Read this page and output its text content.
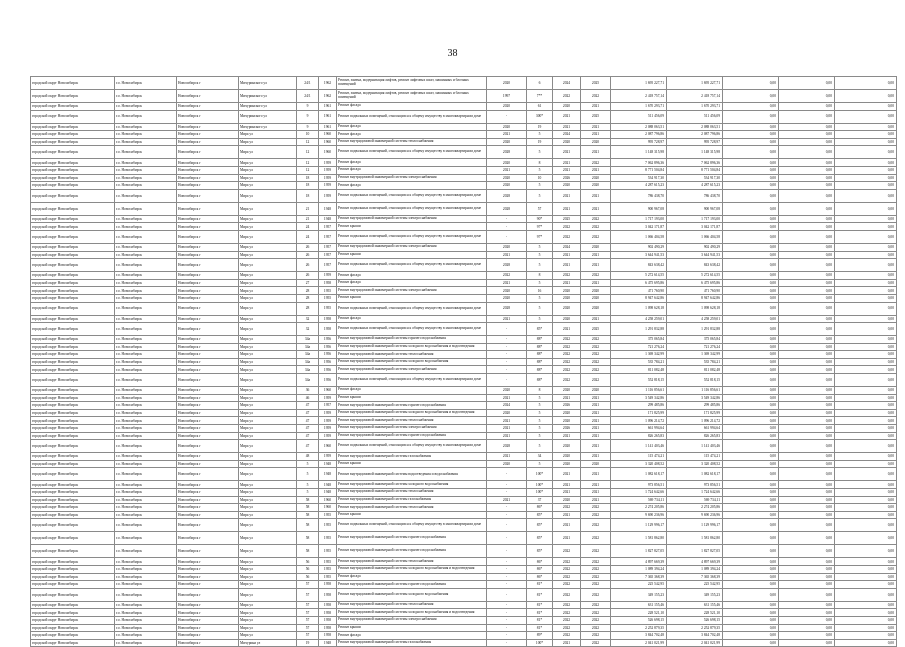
38
городской округ Новосибирск	г.о. Новосибирск	Новосибирск г	Мичуринского ул	24/1	1962	Ремонт, замена, модернизация лифтов, ремонт лифтовых шахт, машинных и блочных помещений	2020	6	2024	2025	1 695 227,71	1 695 227,71	0,00	0,00	0,00
городской округ Новосибирск	г.о. Новосибирск	Новосибирск г	Мичуринского ул	24/1	1962	Ремонт, замена, модернизация лифтов, ремонт лифтовых шахт, машинных и блочных помещений	1997	7**	2022	2022	2 418 757,14	2 418 757,14	0,00	0,00	0,00
городской округ Новосибирск	г.о. Новосибирск	Новосибирск г	Мичуринского ул	9	1961	Ремонт фасада	2020	61	2020	2021	1 670 293,71	1 670 293,71	0,00	0,00	0,00
городской округ Новосибирск	г.о. Новосибирск	Новосибирск г	Мичуринского ул	9	1961	Ремонт подвальных помещений, относящихся к общему имуществу в многоквартирном доме	-	300*	2021	2025	511 456,09	511 456,09	0,00	0,00	0,00
городской округ Новосибирск	г.о. Новосибирск	Новосибирск г	Мичуринского ул	9	1961	Ремонт фасада	2020	19	2021	2021	2 088 063,51	2 088 063,51	0,00	0,00	0,00
городской округ Новосибирск	г.о. Новосибирск	Новосибирск г	Мира ул	10	1960	Ремонт фасада	2021	5	2024	2021	2 087 796,86	2 087 796,86	0,00	0,00	0,00
городской округ Новосибирск	г.о. Новосибирск	Новосибирск г	Мира ул	12	1960	Ремонт внутридомовой инженерной системы теплоснабжения	2020	19	2020	2020	995 728,97	995 728,97	0,00	0,00	0,00
городской округ Новосибирск	г.о. Новосибирск	Новосибирск г	Мира ул	12	1960	Ремонт подвальных помещений, относящихся к общему имуществу в многоквартирном доме	2028	5	2021	2021	1 148 315,98	1 148 315,98	0,00	0,00	0,00
городской округ Новосибирск	г.о. Новосибирск	Новосибирск г	Мира ул	12	1959	Ремонт фасада	2020	8	2021	2022	7 062 896,36	7 062 896,36	0,00	0,00	0,00
городской округ Новосибирск	г.о. Новосибирск	Новосибирск г	Мира ул	12	1959	Ремонт фасада	2021	5	2021	2021	8 771 504,84	8 771 504,84	0,00	0,00	0,00
городской округ Новосибирск	г.о. Новосибирск	Новосибирск г	Мира ул	18	1959	Ремонт внутридомовой инженерной системы электроснабжения	2020	10	2026	2020	534 917,30	534 917,30	0,00	0,00	0,00
городской округ Новосибирск	г.о. Новосибирск	Новосибирск г	Мира ул	18	1959	Ремонт фасада	2020	5	2020	2020	4 287 615,23	4 287 615,23	0,00	0,00	0,00
городской округ Новосибирск	г.о. Новосибирск	Новосибирск г	Мира ул	18	1959	Ремонт подвальных помещений, относящихся к общему имуществу в многоквартирном доме	2028	5	2021	2021	786 438,70	786 438,70	0,00	0,00	0,00
городской округ Новосибирск	г.о. Новосибирск	Новосибирск г	Мира ул	21	1948	Ремонт подвальных помещений, относящихся к общему имуществу в многоквартирном доме	2028	57	2021	2021	900 967,08	900 967,08	0,00	0,00	0,00
городской округ Новосибирск	г.о. Новосибирск	Новосибирск г	Мира ул	21	1948	Ремонт внутридомовой инженерной системы электроснабжения	-	90*	2025	2022	1 717 193,00	1 717 193,00	0,00	0,00	0,00
городской округ Новосибирск	г.о. Новосибирск	Новосибирск г	Мира ул	24	1957	Ремонт крыши	-	97*	2022	2022	3 042 171,87	3 042 171,87	0,00	0,00	0,00
городской округ Новосибирск	г.о. Новосибирск	Новосибирск г	Мира ул	24	1957	Ремонт подвальных помещений, относящихся к общему имуществу в многоквартирном доме	-	97*	2022	2022	1 066 404,58	1 066 404,58	0,00	0,00	0,00
городской округ Новосибирск	г.о. Новосибирск	Новосибирск г	Мира ул	26	1957	Ремонт внутридомовой инженерной системы электроснабжения	2020	5	2024	2020	902 490,29	902 490,29	0,00	0,00	0,00
городской округ Новосибирск	г.о. Новосибирск	Новосибирск г	Мира ул	26	1957	Ремонт крыши	2021	5	2021	2021	3 644 941,53	3 644 941,53	0,00	0,00	0,00
городской округ Новосибирск	г.о. Новосибирск	Новосибирск г	Мира ул	26	1957	Ремонт подвальных помещений, относящихся к общему имуществу в многоквартирном доме	2028	5	2021	2021	843 638,42	843 638,42	0,00	0,00	0,00
городской округ Новосибирск	г.о. Новосибирск	Новосибирск г	Мира ул	26	1959	Ремонт фасада	2022	8	2022	2022	5 272 614,55	5 272 614,55	0,00	0,00	0,00
городской округ Новосибирск	г.о. Новосибирск	Новосибирск г	Мира ул	27	1958	Ремонт фасада	2021	5	2021	2021	6 475 695,86	6 475 695,86	0,00	0,00	0,00
городской округ Новосибирск	г.о. Новосибирск	Новосибирск г	Мира ул	28	1955	Ремонт внутридомовой инженерной системы электроснабжения	2020	16	2020	2020	471 760,90	471 760,90	0,00	0,00	0,00
городской округ Новосибирск	г.о. Новосибирск	Новосибирск г	Мира ул	28	1955	Ремонт крыши	2020	5	2020	2020	8 947 642,86	8 947 642,86	0,00	0,00	0,00
городской округ Новосибирск	г.о. Новосибирск	Новосибирск г	Мира ул	28	1955	Ремонт подвальных помещений, относящихся к общему имуществу в многоквартирном доме	2028	5	2020	2020	1 098 628,18	1 098 628,18	0,00	0,00	0,00
городской округ Новосибирск	г.о. Новосибирск	Новосибирск г	Мира ул	32	1958	Ремонт фасада	2021	5	2020	2021	4 258 259,01	4 258 259,01	0,00	0,00	0,00
городской округ Новосибирск	г.о. Новосибирск	Новосибирск г	Мира ул	32	1958	Ремонт подвальных помещений, относящихся к общему имуществу в многоквартирном доме	-	85*	2021	2025	1 291 832,88	1 291 832,88	0,00	0,00	0,00
городской округ Новосибирск	г.о. Новосибирск	Новосибирск г	Мира ул	34а	1956	Ремонт внутридомовой инженерной системы горячего водоснабжения	-	88*	2022	2022	375 065,84	375 065,84	0,00	0,00	0,00
городской округ Новосибирск	г.о. Новосибирск	Новосибирск г	Мира ул	34а	1956	Ремонт внутридомовой инженерной системы холодного водоснабжения и водоотведения	-	88*	2022	2022	721 276,24	721 276,24	0,00	0,00	0,00
городской округ Новосибирск	г.о. Новосибирск	Новосибирск г	Мира ул	34а	1956	Ремонт внутридомовой инженерной системы теплоснабжения	-	88*	2022	2022	1 369 342,99	1 369 342,99	0,00	0,00	0,00
городской округ Новосибирск	г.о. Новосибирск	Новосибирск г	Мира ул	34а	1956	Ремонт внутридомовой инженерной системы холодного водоснабжения	-	88*	2022	2022	535 784,21	535 784,21	0,00	0,00	0,00
городской округ Новосибирск	г.о. Новосибирск	Новосибирск г	Мира ул	34а	1956	Ремонт внутридомовой инженерной системы электроснабжения	-	88*	2022	2022	811 082,48	811 082,48	0,00	0,00	0,00
городской округ Новосибирск	г.о. Новосибирск	Новосибирск г	Мира ул	34а	1956	Ремонт подвальных помещений, относящихся к общему имуществу в многоквартирном доме	-	88*	2022	2022	552 818,15	552 818,15	0,00	0,00	0,00
городской округ Новосибирск	г.о. Новосибирск	Новосибирск г	Мира ул	36	1960	Ремонт фасада	2020	8	2020	2020	1 116 856,61	1 116 856,61	0,00	0,00	0,00
городской округ Новосибирск	г.о. Новосибирск	Новосибирск г	Мира ул	46	1959	Ремонт крыши	2021	5	2021	2021	3 549 342,86	3 549 342,86	0,00	0,00	0,00
городской округ Новосибирск	г.о. Новосибирск	Новосибирск г	Мира ул	47	1957	Ремонт внутридомовой инженерной системы горячего водоснабжения	2024	5	2026	2021	299 485,86	299 485,86	0,00	0,00	0,00
городской округ Новосибирск	г.о. Новосибирск	Новосибирск г	Мира ул	47	1959	Ремонт внутридомовой инженерной системы холодного водоснабжения и водоотведения	2020	5	2020	2021	171 825,99	171 825,99	0,00	0,00	0,00
городской округ Новосибирск	г.о. Новосибирск	Новосибирск г	Мира ул	47	1959	Ремонт внутридомовой инженерной системы теплоснабжения	2021	5	2020	2021	1 096 214,72	1 096 214,72	0,00	0,00	0,00
городской округ Новосибирск	г.о. Новосибирск	Новосибирск г	Мира ул	47	1959	Ремонт внутридомовой инженерной системы электроснабжения	2021	5	2026	2021	661 994,64	661 994,64	0,00	0,00	0,00
городской округ Новосибирск	г.о. Новосибирск	Новосибирск г	Мира ул	47	1959	Ремонт внутридомовой инженерной системы горячего водоснабжения	2021	5	2021	2021	826 265,83	826 265,83	0,00	0,00	0,00
городской округ Новосибирск	г.о. Новосибирск	Новосибирск г	Мира ул	47	1960	Ремонт подвальных помещений, относящихся к общему имуществу в многоквартирном доме	2028	5	2020	2021	1 141 403,46	1 141 403,46	0,00	0,00	0,00
городской округ Новосибирск	г.о. Новосибирск	Новосибирск г	Мира ул	48	1959	Ремонт внутридомовой инженерной системы газоснабжения	2021	34	2020	2021	115 474,21	115 474,21	0,00	0,00	0,00
городской округ Новосибирск	г.о. Новосибирск	Новосибирск г	Мира ул	5	1948	Ремонт крыши	2020	5	2020	2020	3 320 408,52	3 320 408,52	0,00	0,00	0,00
городской округ Новосибирск	г.о. Новосибирск	Новосибирск г	Мира ул	5	1948	Ремонт внутридомовой инженерной системы водоотведения и водоснабжения	-	100*	2021	2021	1 082 618,17	1 082 618,17	0,00	0,00	0,00
городской округ Новосибирск	г.о. Новосибирск	Новосибирск г	Мира ул	5	1948	Ремонт внутридомовой инженерной системы холодного водоснабжения	-	100*	2021	2021	973 856,51	973 856,51	0,00	0,00	0,00
городской округ Новосибирск	г.о. Новосибирск	Новосибирск г	Мира ул	5	1948	Ремонт внутридомовой инженерной системы теплоснабжения	-	100*	2021	2021	1 724 642,66	1 724 642,66	0,00	0,00	0,00
городской округ Новосибирск	г.о. Новосибирск	Новосибирск г	Мира ул	58	1960	Ремонт внутридомовой инженерной системы газоснабжения	2021	37	2020	2021	569 734,11	569 734,11	0,00	0,00	0,00
городской округ Новосибирск	г.о. Новосибирск	Новосибирск г	Мира ул	58	1960	Ремонт внутридомовой инженерной системы теплоснабжения	-	86*	2022	2022	2 274 205,86	2 274 205,86	0,00	0,00	0,00
городской округ Новосибирск	г.о. Новосибирск	Новосибирск г	Мира ул	58	1955	Ремонт крыши	-	85*	2021	2022	9 690 236,96	9 690 236,96	0,00	0,00	0,00
городской округ Новосибирск	г.о. Новосибирск	Новосибирск г	Мира ул	58	1955	Ремонт подвальных помещений, относящихся к общему имуществу в многоквартирном доме	-	85*	2021	2022	1 129 996,17	1 129 996,17	0,00	0,00	0,00
городской округ Новосибирск	г.о. Новосибирск	Новосибирск г	Мира ул	58	1955	Ремонт внутридомовой инженерной системы горячего водоснабжения	-	85*	2021	2022	1 581 862,80	1 581 862,80	0,00	0,00	0,00
городской округ Новосибирск	г.о. Новосибирск	Новосибирск г	Мира ул	58	1955	Ремонт внутридомовой инженерной системы горячего водоснабжения	-	85*	2022	2022	1 827 827,05	1 827 827,05	0,00	0,00	0,00
городской округ Новосибирск	г.о. Новосибирск	Новосибирск г	Мира ул	56	1955	Ремонт внутридомовой инженерной системы теплоснабжения	-	86*	2022	2022	4 897 669,39	4 897 669,39	0,00	0,00	0,00
городской округ Новосибирск	г.о. Новосибирск	Новосибирск г	Мира ул	56	1955	Ремонт внутридомовой инженерной системы холодного водоснабжения и водоотведения	-	86*	2022	2022	1 089 394,24	1 089 394,24	0,00	0,00	0,00
городской округ Новосибирск	г.о. Новосибирск	Новосибирск г	Мира ул	56	1955	Ремонт фасада	-	86*	2022	2022	7 365 368,39	7 365 368,39	0,00	0,00	0,00
городской округ Новосибирск	г.о. Новосибирск	Новосибирск г	Мира ул	57	1958	Ремонт внутридомовой инженерной системы горячего водоснабжения	-	81*	2022	2022	225 542,95	225 542,95	0,00	0,00	0,00
городской округ Новосибирск	г.о. Новосибирск	Новосибирск г	Мира ул	57	1958	Ремонт внутридомовой инженерной системы холодного водоснабжения	-	81*	2022	2022	349 155,23	349 155,23	0,00	0,00	0,00
городской округ Новосибирск	г.о. Новосибирск	Новосибирск г	Мира ул	57	1958	Ремонт внутридомовой инженерной системы теплоснабжения	-	81*	2022	2022	631 155,46	631 155,46	0,00	0,00	0,00
городской округ Новосибирск	г.о. Новосибирск	Новосибирск г	Мира ул	57	1958	Ремонт внутридомовой инженерной системы холодного водоснабжения и водоотведения	-	81*	2022	2022	228 521,10	228 521,10	0,00	0,00	0,00
городской округ Новосибирск	г.о. Новосибирск	Новосибирск г	Мира ул	57	1958	Ремонт внутридомовой инженерной системы электроснабжения	-	81*	2022	2022	526 698,15	526 698,15	0,00	0,00	0,00
городской округ Новосибирск	г.о. Новосибирск	Новосибирск г	Мира ул	57	1958	Ремонт крыши	-	81*	2022	2022	2 252 879,35	2 252 879,35	0,00	0,00	0,00
городской округ Новосибирск	г.о. Новосибирск	Новосибирск г	Мира ул	57	1958	Ремонт фасада	-	89*	2022	2022	3 844 702,48	3 844 702,48	0,00	0,00	0,00
городской округ Новосибирск	г.о. Новосибирск	Новосибирск г	Мичурина ул	19	1948	Ремонт внутридомовой инженерной системы газоснабжения	-	100*	2021	2022	2 041 021,99	2 041 021,99	0,00	0,00	0,00
